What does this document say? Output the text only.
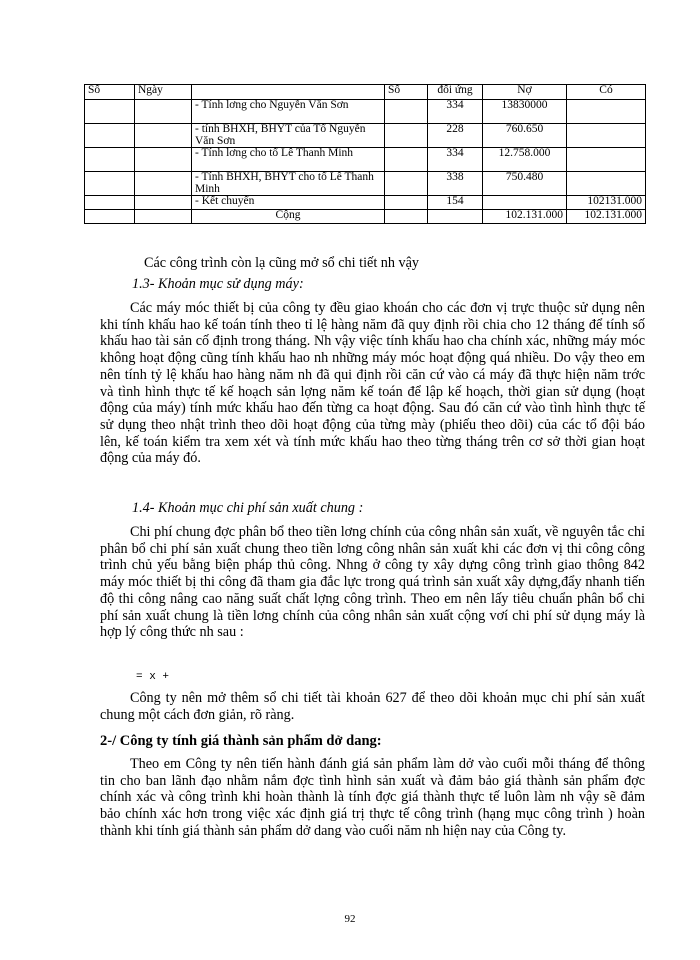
Số	Ngày		Số	đối ứng	Nợ	Có
		- Tính lơng cho Nguyễn Văn Sơn		334	13830000	
		- tính BHXH, BHYT của Tổ Nguyễn Văn Sơn		228	760.650	
		- Tính lơng cho tổ Lê Thanh Minh		334	12.758.000	
		- Tính BHXH, BHYT cho tổ Lê Thanh Minh		338	750.480	
		- Kết chuyển		154		102131.000
		Cộng			102.131.000	102.131.000

Các công trình còn lạ cũng mở sổ chi tiết nh vậy

1.3- Khoản mục sử dụng máy:

Các máy móc thiết bị của công ty đều giao khoán cho các đơn vị trực thuộc sử dụng nên khi tính khấu hao kế toán tính theo tỉ lệ hàng năm đã quy định rồi chia cho 12 tháng để tính số khấu hao tài sản cố định trong tháng. Nh vậy việc tính khấu hao cha chính xác, những máy móc không hoạt động cũng tính khấu hao nh những máy móc hoạt động quá nhiều. Do vậy theo em nên tính tỷ lệ khấu hao hàng năm nh đã qui định rồi căn cứ vào cá máy đã thực hiện năm trớc và tình hình thực tế kế hoạch sản lợng năm kế toán để lập kế hoạch, thời gian sử dụng (hoạt động của máy) tính mức khấu hao đến từng ca hoạt động. Sau đó căn cứ vào tình hình thực tế sử dụng theo nhật trình theo dõi hoạt động của từng mày (phiếu theo dõi) của các tổ đội báo lên, kế toán kiểm tra xem xét và tính mức khấu hao theo từng tháng trên cơ sở thời gian hoạt động của máy đó.

1.4- Khoản mục chi phí sản xuất chung :

Chi phí chung đợc phân bổ theo tiền lơng chính của công nhân sản xuất, về nguyên tắc chỉ phân bổ chi phí sản xuất chung theo tiền lơng công nhân sản xuất khi các đơn vị thi công công trình chủ yếu bằng biện pháp thủ công. Nhng ở công ty xây dựng công trình giao thông 842 máy móc thiết bị thi công đã tham gia đắc lực trong quá trình sản xuất xây dựng,đẩy nhanh tiến độ thi công nâng cao năng suất chất lợng công trình. Theo em nên lấy tiêu chuẩn phân bổ chi phí sản xuất chung là tiền lơng chính của công nhân sản xuất cộng vơí chi phí sử dụng máy là hợp lý công thức nh sau :

= x +

Công ty nên mở thêm sổ chi tiết tài khoản 627 để theo dõi khoản mục chi phí sản xuất chung một cách đơn giản, rõ ràng.

2-/ Công ty tính giá thành sản phẩm dở dang:

Theo em Công ty nên tiến hành đánh giá sản phẩm làm dở vào cuối mỗi tháng để thông tin cho ban lãnh đạo nhằm nắm đợc tình hình sản xuất và đảm bảo giá thành sản phẩm đợc chính xác và công trình khi hoàn thành là tính đợc giá thành thực tế luôn làm nh vậy sẽ đảm bảo chính xác hơn trong việc xác định giá trị thực tế công trình (hạng mục công trình ) hoàn thành khi tính giá thành sản phẩm dở dang vào cuối năm nh hiện nay của Công ty.

92
